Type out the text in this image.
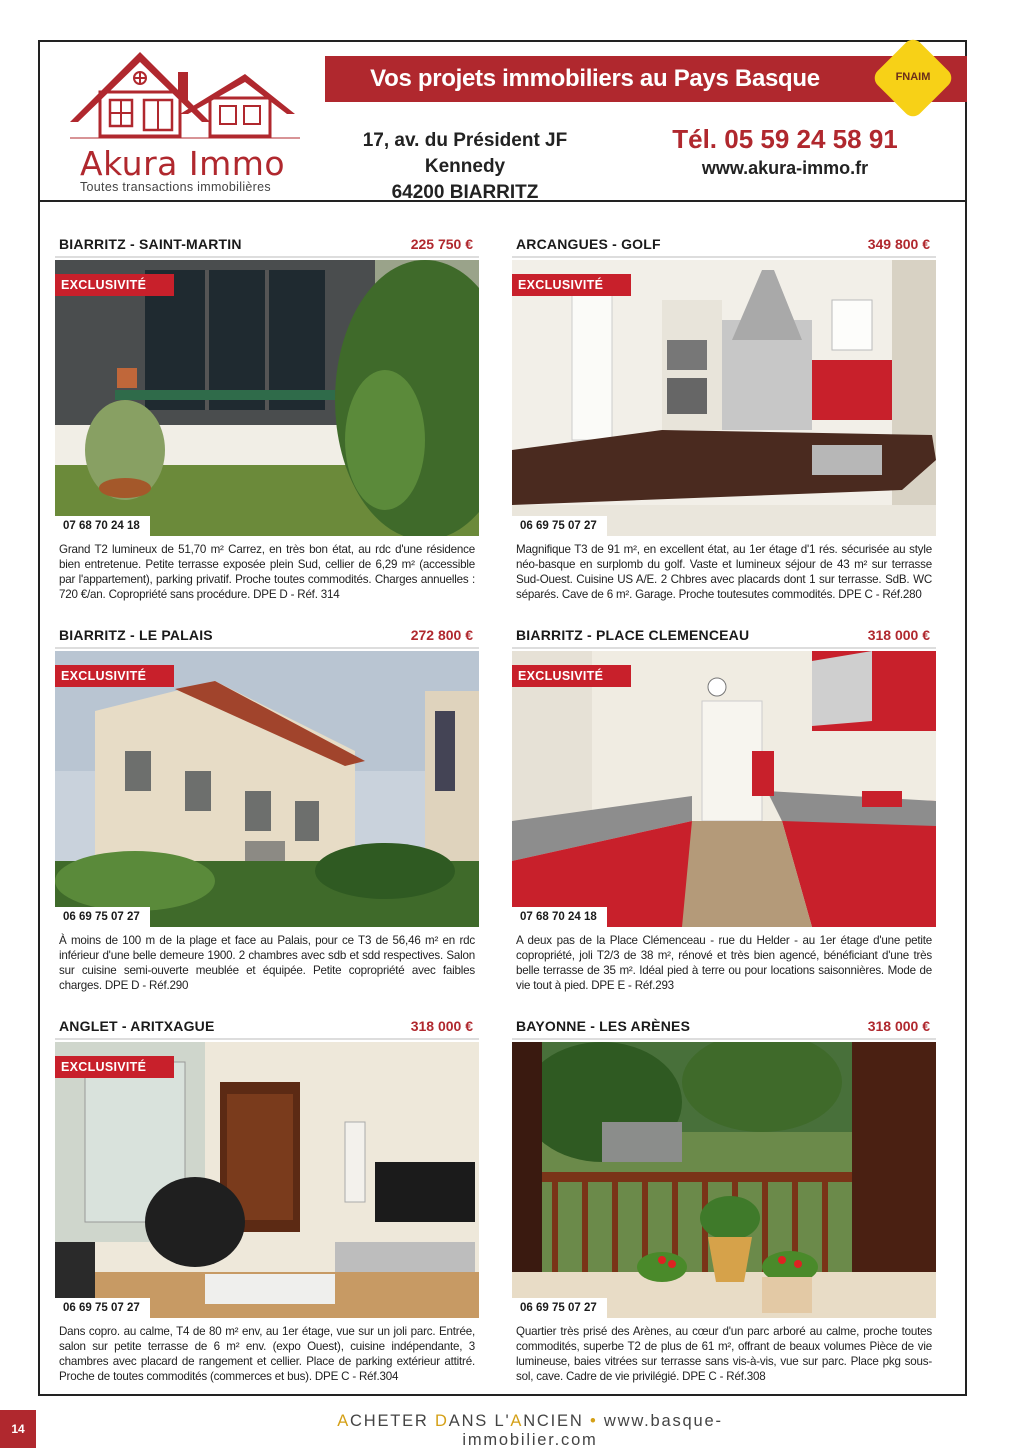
Akura Immo
Toutes transactions immobilières
Vos projets immobiliers au Pays Basque	FNAIM
17, av. du Président JF Kennedy
64200 BIARRITZ
Tél. 05 59 24 58 91
www.akura-immo.fr
BIARRITZ - SAINT-MARTIN	225 750 €
EXCLUSIVITÉ
07 68 70 24 18
Grand T2 lumineux de 51,70 m² Carrez, en très bon état, au rdc d'une résidence bien entretenue. Petite terrasse exposée plein Sud, cellier de 6,29 m² (accessible par l'appartement), parking privatif. Proche toutes commodités. Charges annuelles : 720 €/an. Copropriété sans procédure. DPE D - Réf. 314
ARCANGUES - GOLF	349 800 €
EXCLUSIVITÉ
06 69 75 07 27
Magnifique T3 de 91 m², en excellent état, au 1er étage d'1 rés. sécurisée au style néo-basque en surplomb du golf. Vaste et lumineux séjour de 43 m² sur terrasse Sud-Ouest. Cuisine US A/E. 2 Chbres avec placards dont 1 sur terrasse. SdB. WC séparés. Cave de 6 m². Garage. Proche toutesutes commodités. DPE C - Réf.280
BIARRITZ - LE PALAIS	272 800 €
EXCLUSIVITÉ
06 69 75 07 27
À moins de 100 m de la plage et face au Palais, pour ce T3 de 56,46 m² en rdc inférieur d'une belle demeure 1900. 2 chambres avec sdb et sdd respectives. Salon sur cuisine semi-ouverte meublée et équipée. Petite copropriété avec faibles charges. DPE D - Réf.290
BIARRITZ - PLACE CLEMENCEAU	318 000 €
EXCLUSIVITÉ
07 68 70 24 18
A deux pas de la Place Clémenceau - rue du Helder - au 1er étage d'une petite copropriété, joli T2/3 de 38 m², rénové et très bien agencé, bénéficiant d'une très belle terrasse de 35 m². Idéal pied à terre ou pour locations saisonnières. Mode de vie tout à pied. DPE E - Réf.293
ANGLET - ARITXAGUE	318 000 €
EXCLUSIVITÉ
06 69 75 07 27
Dans copro. au calme, T4 de 80 m² env, au 1er étage, vue sur un joli parc. Entrée, salon sur petite terrasse de 6 m² env. (expo Ouest), cuisine indépendante, 3 chambres avec placard de rangement et cellier. Place de parking extérieur attitré. Proche de toutes commodités (commerces et bus). DPE C - Réf.304
BAYONNE - LES ARÈNES	318 000 €
06 69 75 07 27
Quartier très prisé des Arènes, au cœur d'un parc arboré au calme, proche toutes commodités, superbe T2 de plus de 61 m², offrant de beaux volumes Pièce de vie lumineuse, baies vitrées sur terrasse sans vis-à-vis, vue sur parc. Place pkg sous-sol, cave. Cadre de vie privilégié. DPE C - Réf.308
14	ACHETER DANS L'ANCIEN • www.basque-immobilier.com
